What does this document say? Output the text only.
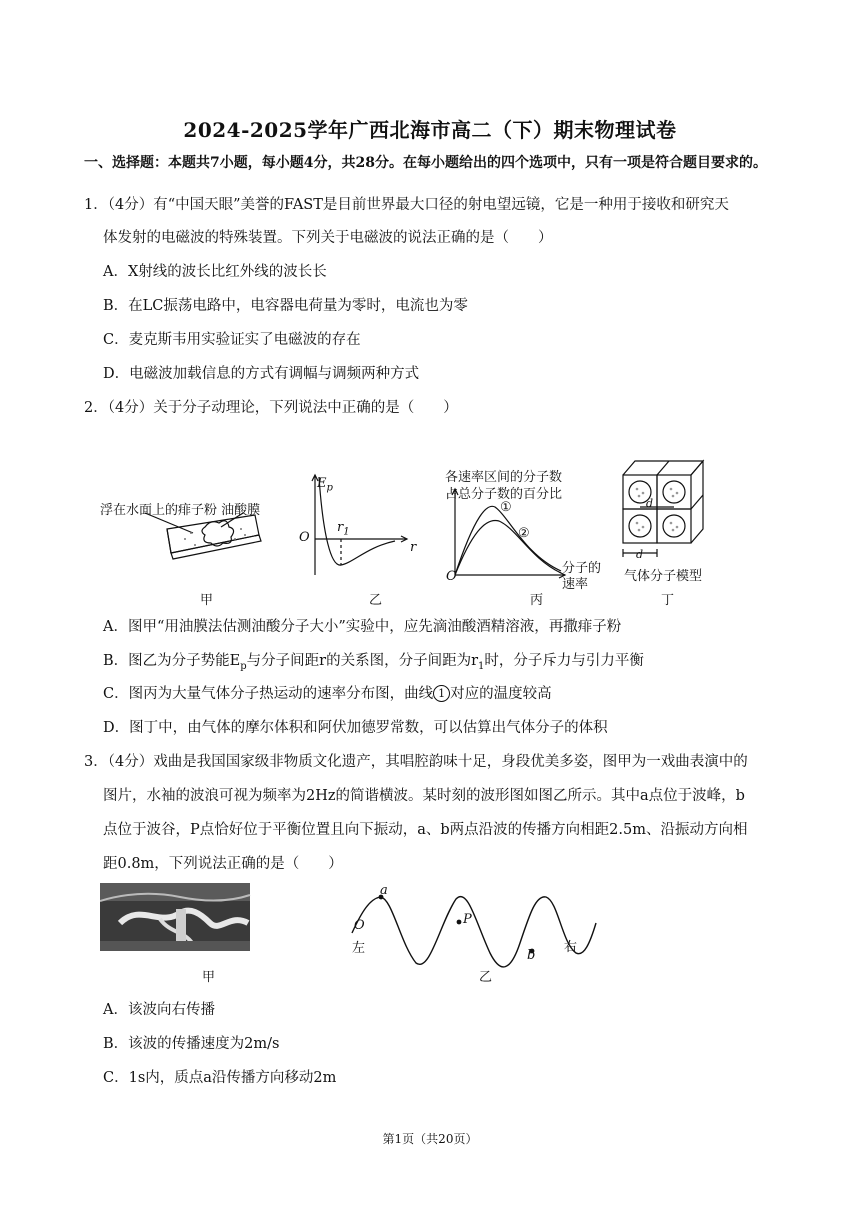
2024-2025学年广西北海市高二（下）期末物理试卷
一、选择题：本题共7小题，每小题4分，共28分。在每小题给出的四个选项中，只有一项是符合题目要求的。
1．（4分）有“中国天眼”美誉的FAST是目前世界最大口径的射电望远镜，它是一种用于接收和研究天
体发射的电磁波的特殊装置。下列关于电磁波的说法正确的是（　　）
A．X射线的波长比红外线的波长长
B．在LC振荡电路中，电容器电荷量为零时，电流也为零
C．麦克斯韦用实验证实了电磁波的存在
D．电磁波加载信息的方式有调幅与调频两种方式
2．（4分）关于分子动理论，下列说法中正确的是（　　）
浮在水面上的痱子粉 油酸膜
甲
$E_p$
O
$r_1$
r
乙
各速率区间的分子数
占总分子数的百分比
①
②
分子的
速率
O
丙
d
d
气体分子模型
丁
A．图甲“用油膜法估测油酸分子大小”实验中，应先滴油酸酒精溶液，再撒痱子粉
B．图乙为分子势能$E_p$与分子间距r的关系图，分子间距为$r_1$时，分子斥力与引力平衡
C．图丙为大量气体分子热运动的速率分布图，曲线 1 对应的温度较高
D．图丁中，由气体的摩尔体积和阿伏加德罗常数，可以估算出气体分子的体积
3．（4分）戏曲是我国国家级非物质文化遗产，其唱腔韵味十足，身段优美多姿，图甲为一戏曲表演中的
图片，水袖的波浪可视为频率为2Hz的简谐横波。某时刻的波形图如图乙所示。其中a点位于波峰，b
点位于波谷，P点恰好位于平衡位置且向下振动，a、b两点沿波的传播方向相距2.5m、沿振动方向相
距0.8m，下列说法正确的是（　　）
甲	乙
a
P
b
O
左	右
A．该波向右传播
B．该波的传播速度为2m/s
C．1s内，质点a沿传播方向移动2m
第1页（共20页）
